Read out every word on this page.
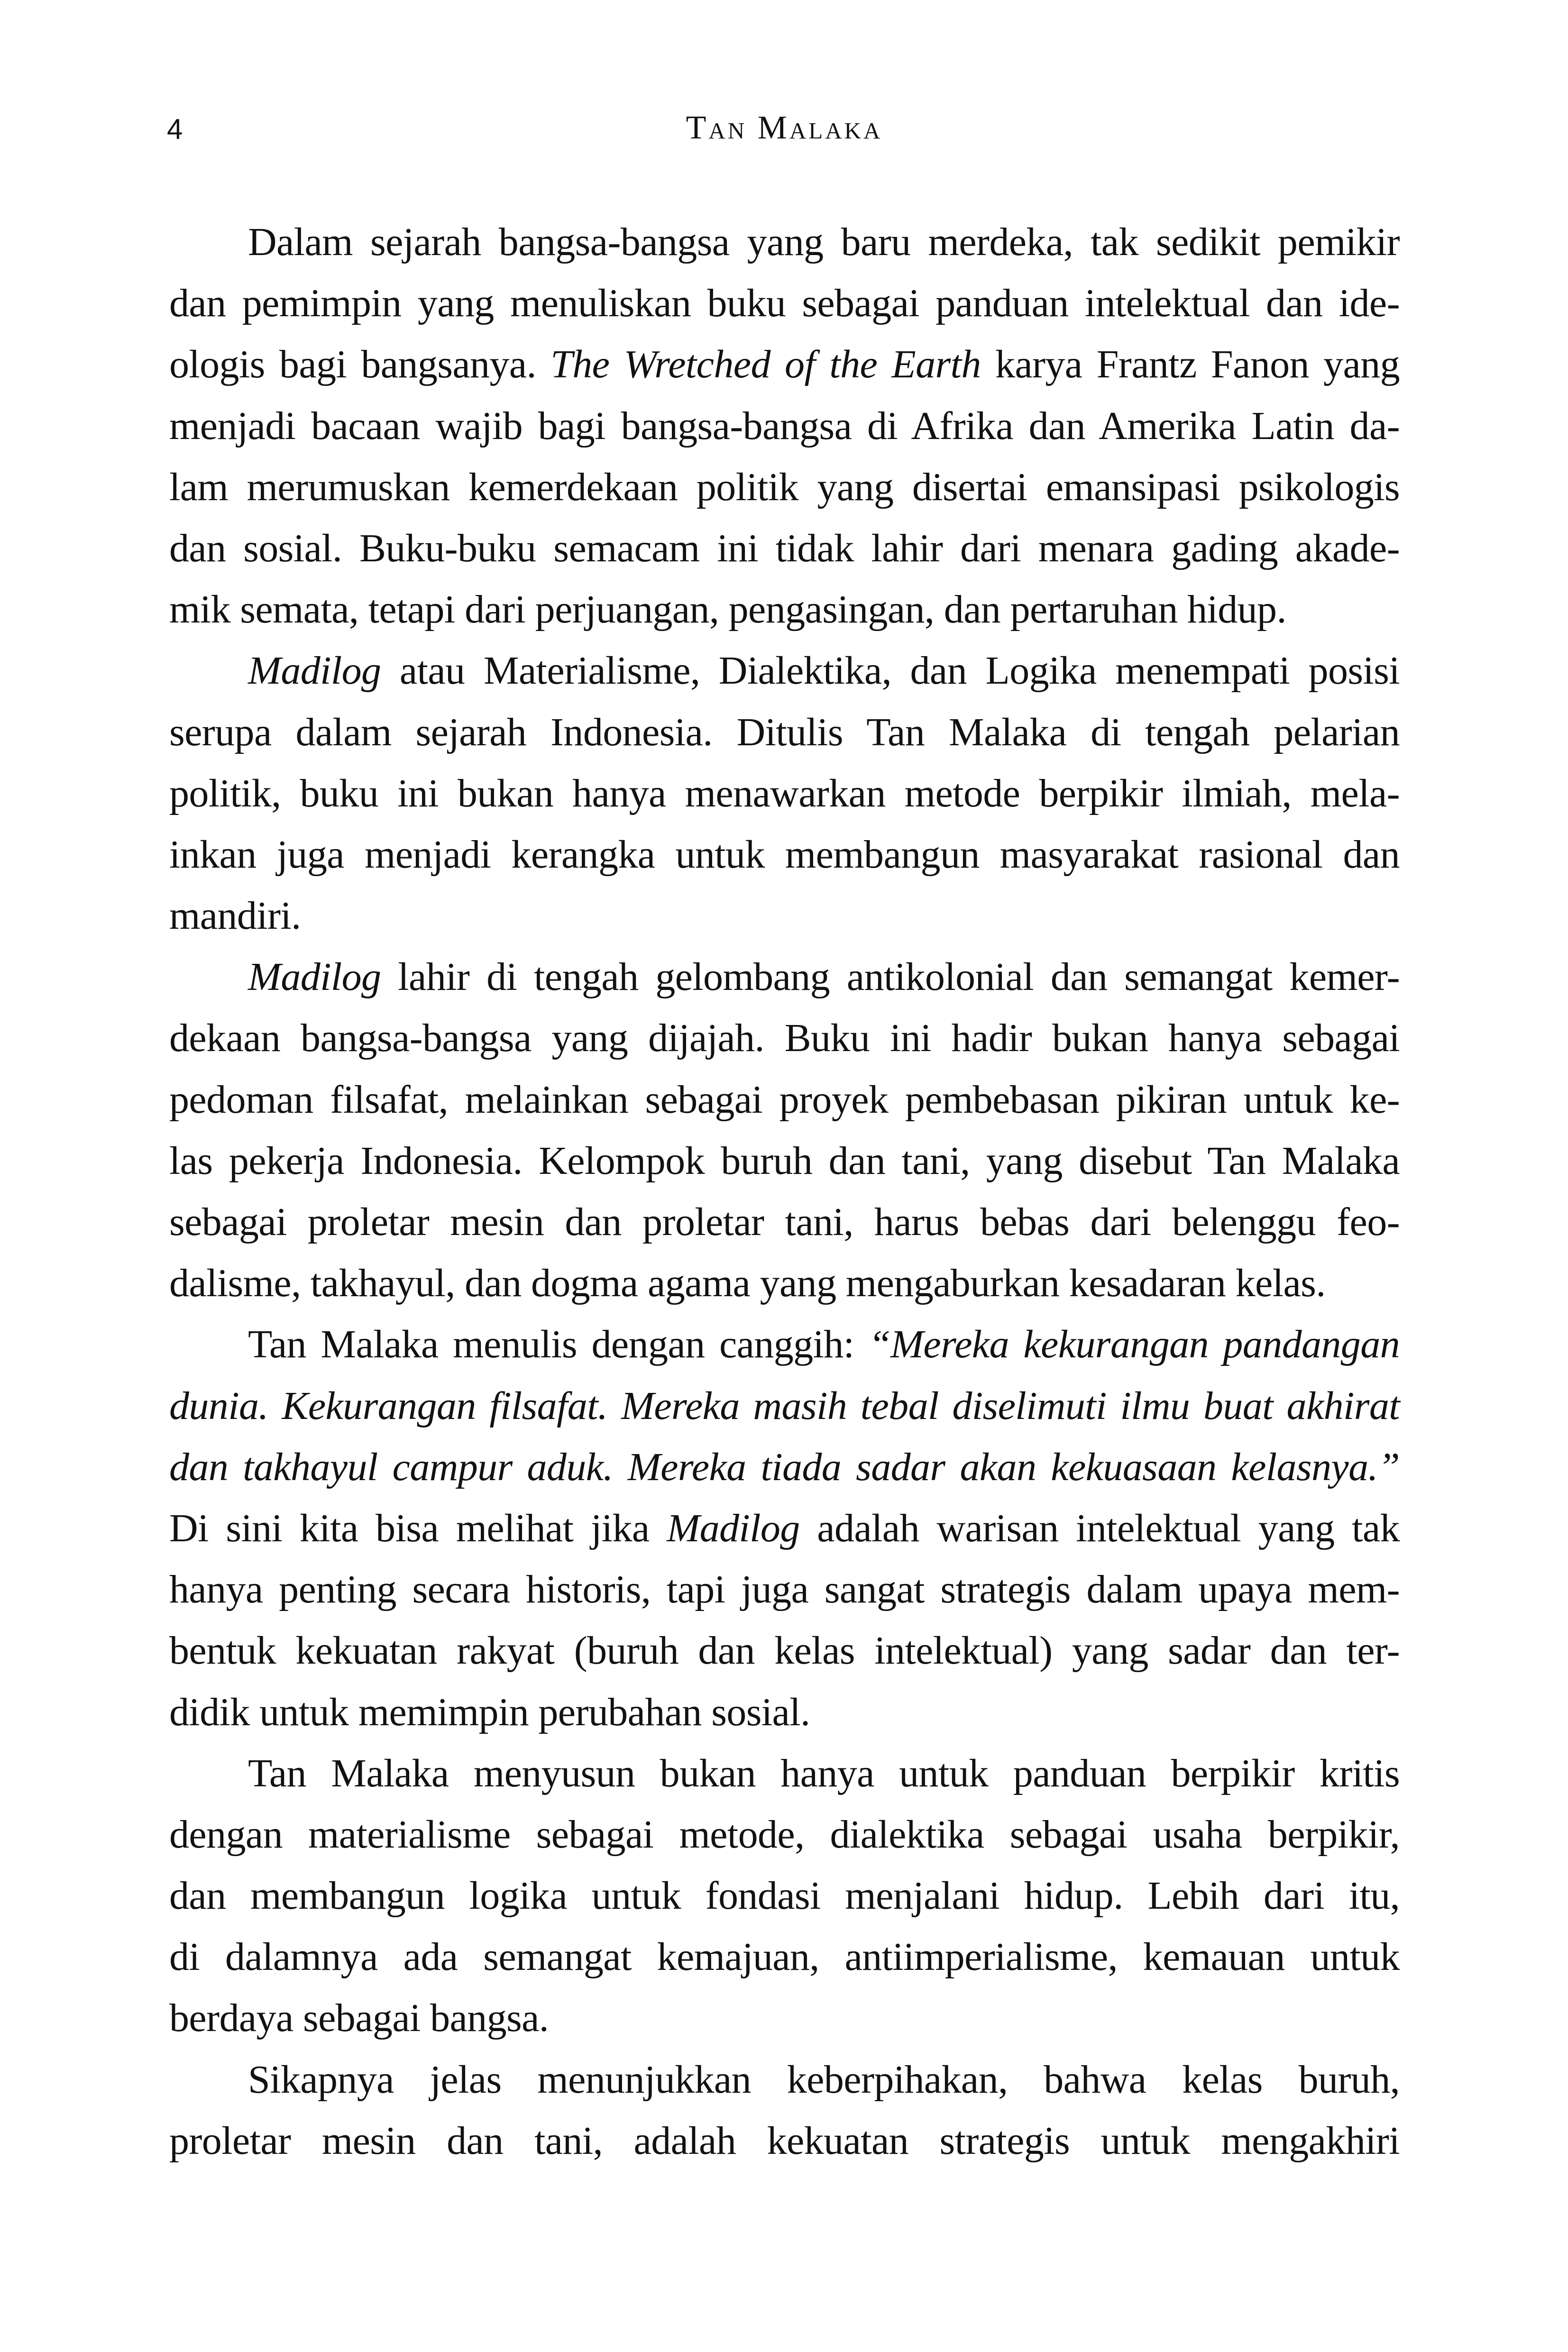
4	Tan Malaka
Dalam sejarah bangsa-bangsa yang baru merdeka, tak sedikit pemikir
dan pemimpin yang menuliskan buku sebagai panduan intelektual dan ide-
ologis bagi bangsanya. The Wretched of the Earth karya Frantz Fanon yang
menjadi bacaan wajib bagi bangsa-bangsa di Afrika dan Amerika Latin da-
lam merumuskan kemerdekaan politik yang disertai emansipasi psikologis
dan sosial. Buku-buku semacam ini tidak lahir dari menara gading akade-
mik semata, tetapi dari perjuangan, pengasingan, dan pertaruhan hidup.
Madilog atau Materialisme, Dialektika, dan Logika menempati posisi
serupa dalam sejarah Indonesia. Ditulis Tan Malaka di tengah pelarian
politik, buku ini bukan hanya menawarkan metode berpikir ilmiah, mela-
inkan juga menjadi kerangka untuk membangun masyarakat rasional dan
mandiri.
Madilog lahir di tengah gelombang antikolonial dan semangat kemer-
dekaan bangsa-bangsa yang dijajah. Buku ini hadir bukan hanya sebagai
pedoman filsafat, melainkan sebagai proyek pembebasan pikiran untuk ke-
las pekerja Indonesia. Kelompok buruh dan tani, yang disebut Tan Malaka
sebagai proletar mesin dan proletar tani, harus bebas dari belenggu feo-
dalisme, takhayul, dan dogma agama yang mengaburkan kesadaran kelas.
Tan Malaka menulis dengan canggih: “Mereka kekurangan pandangan
dunia. Kekurangan filsafat. Mereka masih tebal diselimuti ilmu buat akhirat
dan takhayul campur aduk. Mereka tiada sadar akan kekuasaan kelasnya.”
Di sini kita bisa melihat jika Madilog adalah warisan intelektual yang tak
hanya penting secara historis, tapi juga sangat strategis dalam upaya mem-
bentuk kekuatan rakyat (buruh dan kelas intelektual) yang sadar dan ter-
didik untuk memimpin perubahan sosial.
Tan Malaka menyusun bukan hanya untuk panduan berpikir kritis
dengan materialisme sebagai metode, dialektika sebagai usaha berpikir,
dan membangun logika untuk fondasi menjalani hidup. Lebih dari itu,
di dalamnya ada semangat kemajuan, antiimperialisme, kemauan untuk
berdaya sebagai bangsa.
Sikapnya jelas menunjukkan keberpihakan, bahwa kelas buruh,
proletar mesin dan tani, adalah kekuatan strategis untuk mengakhiri
